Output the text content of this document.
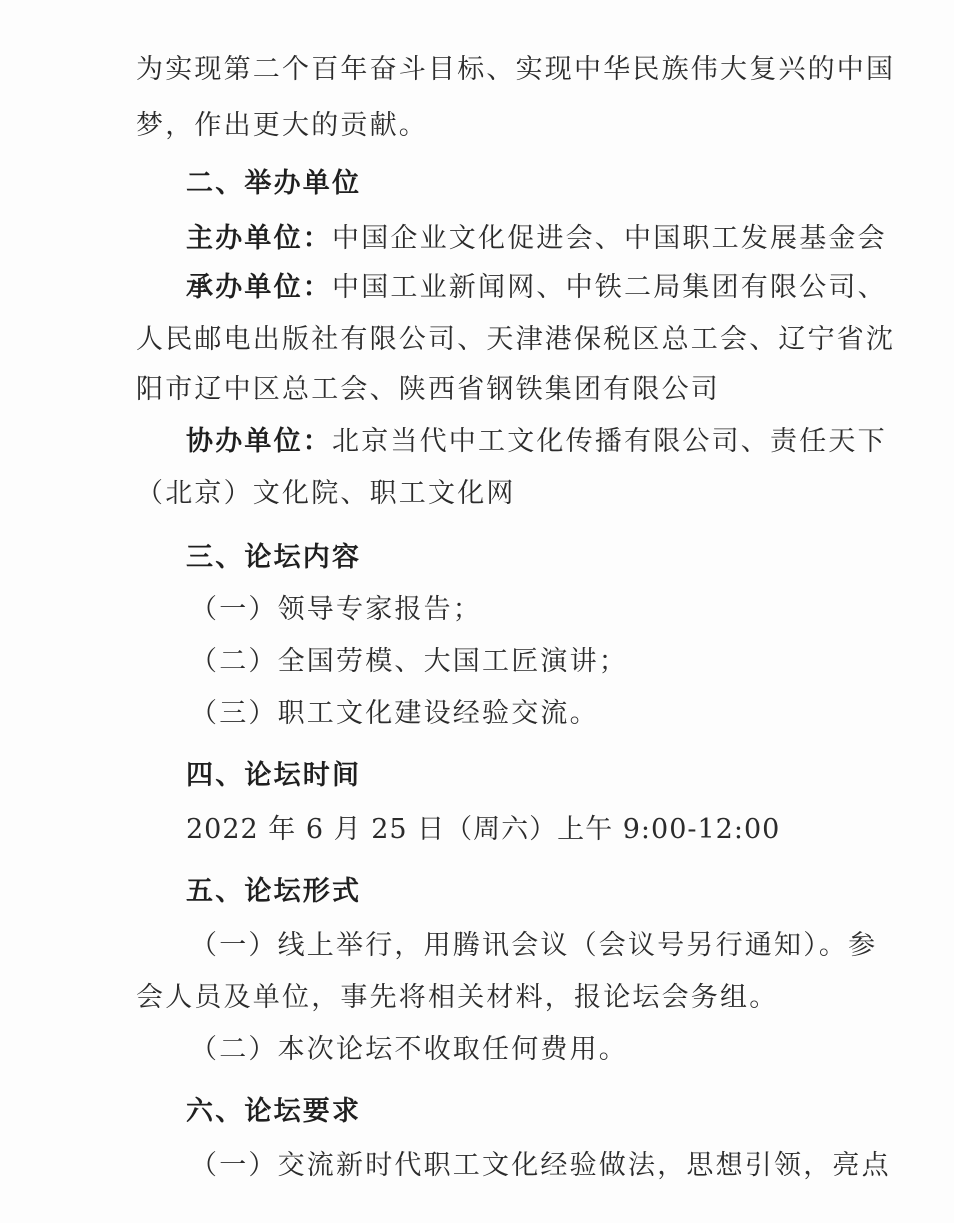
为实现第二个百年奋斗目标、实现中华民族伟大复兴的中国
梦，作出更大的贡献。
二、举办单位
主办单位：中国企业文化促进会、中国职工发展基金会
承办单位：中国工业新闻网、中铁二局集团有限公司、
人民邮电出版社有限公司、天津港保税区总工会、辽宁省沈
阳市辽中区总工会、陕西省钢铁集团有限公司
协办单位：北京当代中工文化传播有限公司、责任天下
（北京）文化院、职工文化网
三、论坛内容
（一）领导专家报告；
（二）全国劳模、大国工匠演讲；
（三）职工文化建设经验交流。
四、论坛时间
2022 年 6 月 25 日（周六）上午 9:00-12:00
五、论坛形式
（一）线上举行，用腾讯会议（会议号另行通知）。参
会人员及单位，事先将相关材料，报论坛会务组。
（二）本次论坛不收取任何费用。
六、论坛要求
（一）交流新时代职工文化经验做法，思想引领，亮点
